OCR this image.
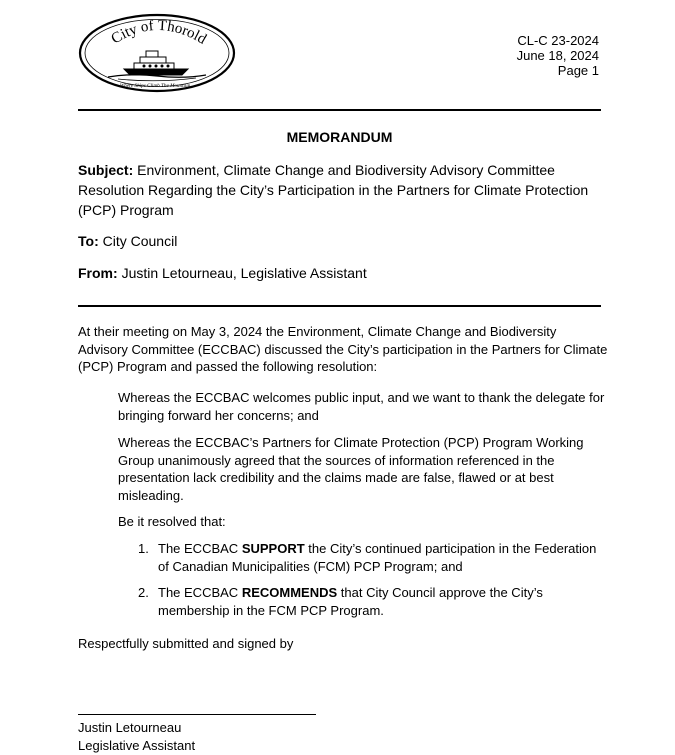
City of Thorold
Where Ships Climb The Mountain...
CL-C 23-2024
June 18, 2024
Page 1
MEMORANDUM
Subject: Environment, Climate Change and Biodiversity Advisory Committee Resolution Regarding the City’s Participation in the Partners for Climate Protection (PCP) Program
To: City Council
From: Justin Letourneau, Legislative Assistant
At their meeting on May 3, 2024 the Environment, Climate Change and Biodiversity Advisory Committee (ECCBAC) discussed the City’s participation in the Partners for Climate (PCP) Program and passed the following resolution:
Whereas the ECCBAC welcomes public input, and we want to thank the delegate for bringing forward her concerns; and
Whereas the ECCBAC’s Partners for Climate Protection (PCP) Program Working Group unanimously agreed that the sources of information referenced in the presentation lack credibility and the claims made are false, flawed or at best misleading.
Be it resolved that:
1. The ECCBAC SUPPORT the City’s continued participation in the Federation of Canadian Municipalities (FCM) PCP Program; and
2. The ECCBAC RECOMMENDS that City Council approve the City’s membership in the FCM PCP Program.
Respectfully submitted and signed by
Justin Letourneau
Legislative Assistant
